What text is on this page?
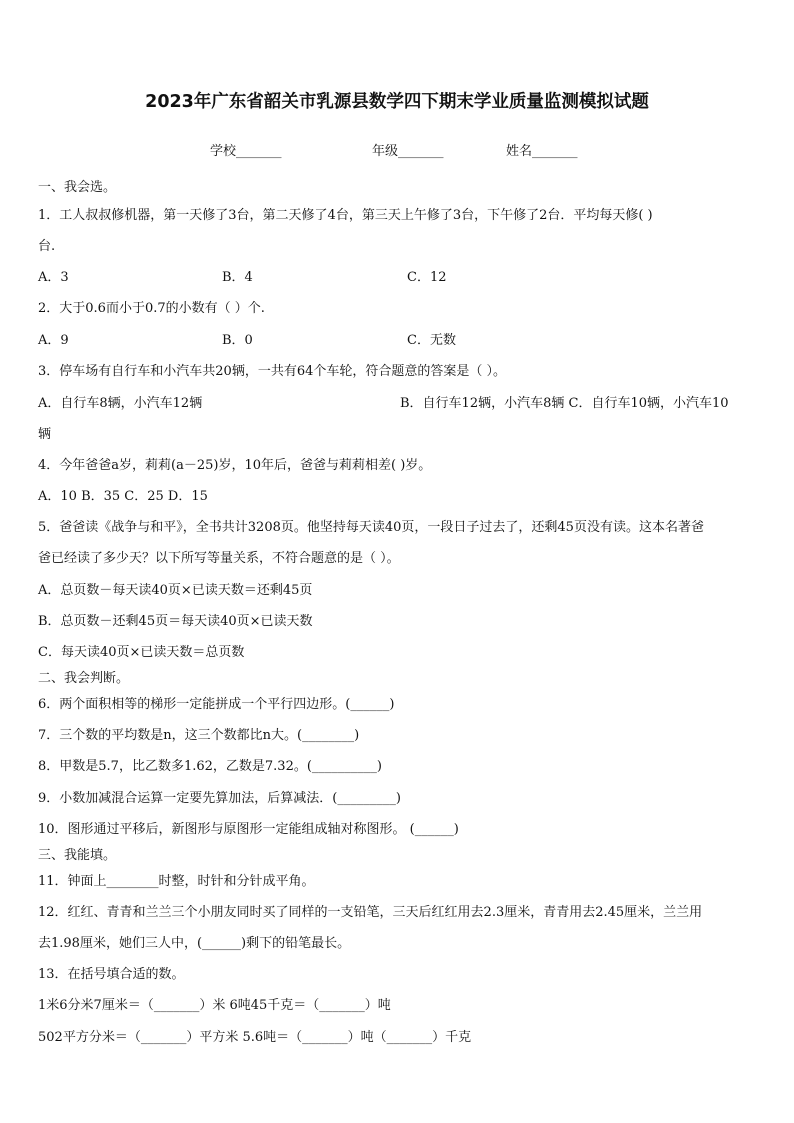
2023年广东省韶关市乳源县数学四下期末学业质量监测模拟试题
学校_______	年级_______	姓名_______
一、我会选。
1．工人叔叔修机器，第一天修了3台，第二天修了4台，第三天上午修了3台，下午修了2台．平均每天修( )
台.
A．3	B．4	C．12
2．大于0.6而小于0.7的小数有（ ）个.
A．9	B．0	C．无数
3．停车场有自行车和小汽车共20辆，一共有64个车轮，符合题意的答案是（ ）。
A．自行车8辆，小汽车12辆	B．自行车12辆，小汽车8辆 C．自行车10辆，小汽车10
辆
4．今年爸爸a岁，莉莉(a－25)岁，10年后，爸爸与莉莉相差( )岁。
A．10 B．35 C．25 D．15
5．爸爸读《战争与和平》，全书共计3208页。他坚持每天读40页，一段日子过去了，还剩45页没有读。这本名著爸
爸已经读了多少天？以下所写等量关系，不符合题意的是（ ）。
A．总页数－每天读40页×已读天数＝还剩45页
B．总页数－还剩45页＝每天读40页×已读天数
C．每天读40页×已读天数＝总页数
二、我会判断。
6．两个面积相等的梯形一定能拼成一个平行四边形。(______)
7．三个数的平均数是n，这三个数都比n大。(________)
8．甲数是5.7，比乙数多1.62，乙数是7.32。(__________)
9．小数加减混合运算一定要先算加法，后算减法．(_________)
10．图形通过平移后，新图形与原图形一定能组成轴对称图形。 (______)
三、我能填。
11．钟面上________时整，时针和分针成平角。
12．红红、青青和兰兰三个小朋友同时买了同样的一支铅笔，三天后红红用去2.3厘米，青青用去2.45厘米，兰兰用
去1.98厘米，她们三人中，(______)剩下的铅笔最长。
13．在括号填合适的数。
1米6分米7厘米＝（_______）米 6吨45千克＝（_______）吨
502平方分米＝（_______）平方米 5.6吨＝（_______）吨（_______）千克
